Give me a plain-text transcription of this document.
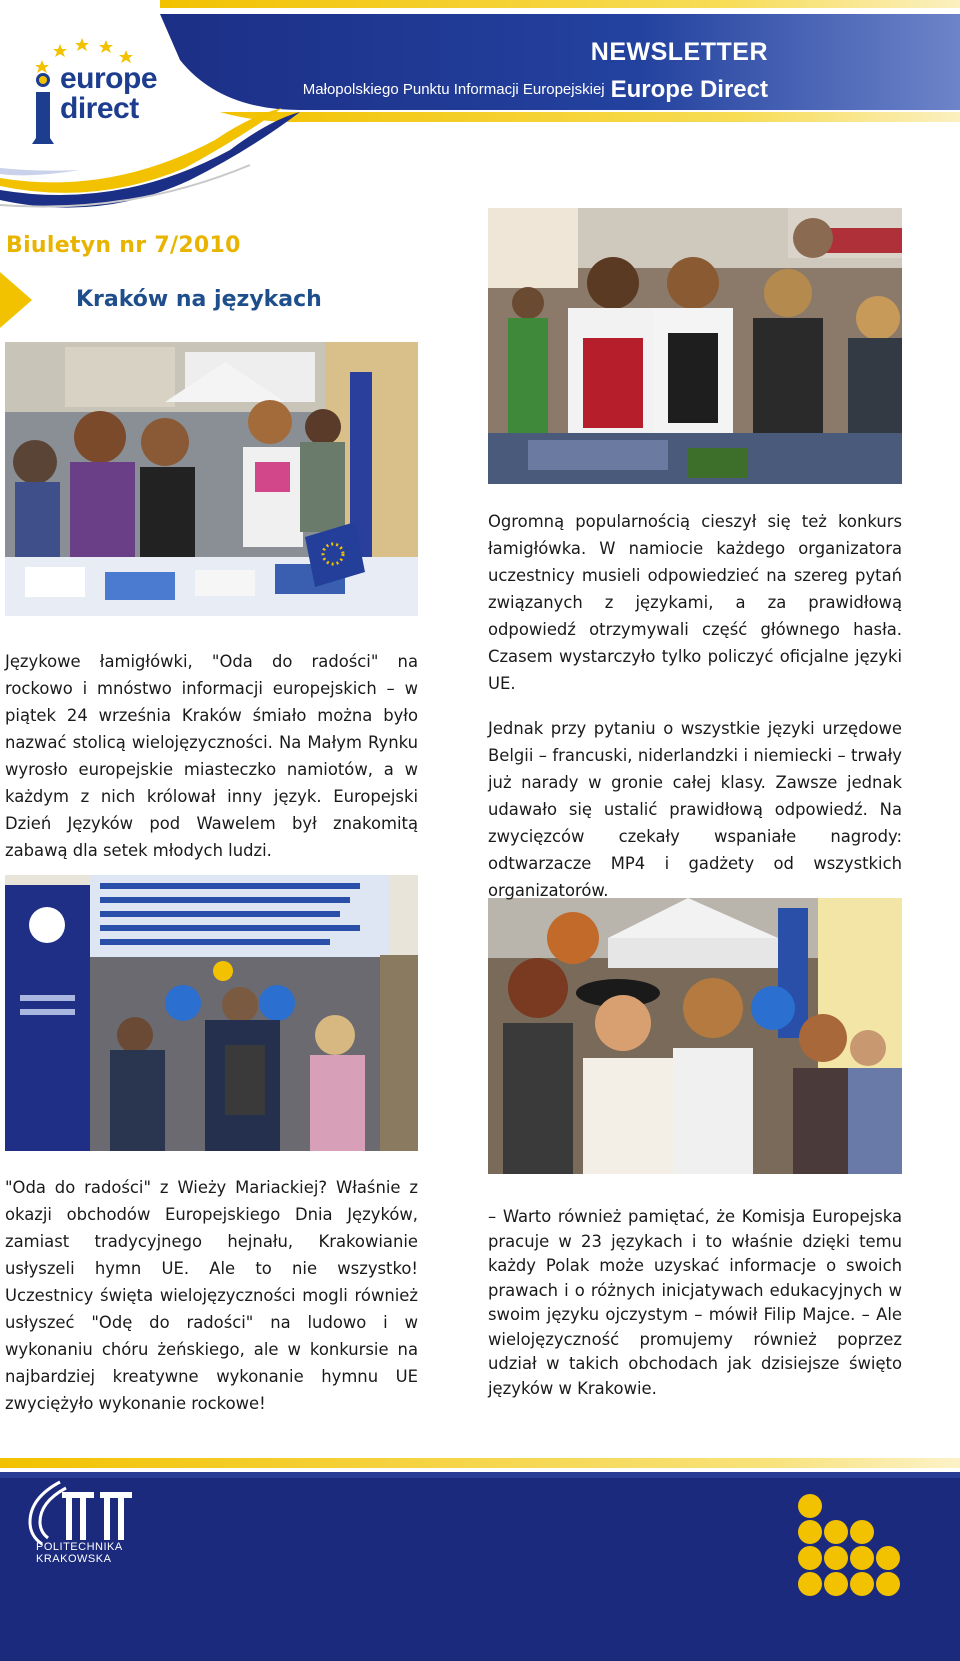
europe
direct
NEWSLETTER
Małopolskiego Punktu Informacji Europejskiej Europe Direct
Biuletyn nr 7/2010
Kraków na językach

Językowe łamigłówki, "Oda do radości" na rockowo i mnóstwo informacji europejskich – w piątek 24 września Kraków śmiało można było nazwać stolicą wielojęzyczności. Na Małym Rynku wyrosło europejskie miasteczko namiotów, a w każdym z nich królował inny język. Europejski Dzień Języków pod Wawelem był znakomitą zabawą dla setek młodych ludzi.

Ogromną popularnością cieszył się też konkurs łamigłówka. W namiocie każdego organizatora uczestnicy musieli odpowiedzieć na szereg pytań związanych z językami, a za prawidłową odpowiedź otrzymywali część głównego hasła. Czasem wystarczyło tylko policzyć oficjalne języki UE.

Jednak przy pytaniu o wszystkie języki urzędowe Belgii – francuski, niderlandzki i niemiecki – trwały już narady w gronie całej klasy. Zawsze jednak udawało się ustalić prawidłową odpowiedź. Na zwycięzców czekały wspaniałe nagrody: odtwarzacze MP4 i gadżety od wszystkich organizatorów.

"Oda do radości" z Wieży Mariackiej? Właśnie z okazji obchodów Europejskiego Dnia Języków, zamiast tradycyjnego hejnału, Krakowianie usłyszeli hymn UE. Ale to nie wszystko! Uczestnicy święta wielojęzyczności mogli również usłyszeć "Odę do radości" na ludowo i w wykonaniu chóru żeńskiego, ale w konkursie na najbardziej kreatywne wykonanie hymnu UE zwyciężyło wykonanie rockowe!

– Warto również pamiętać, że Komisja Europejska pracuje w 23 językach i to właśnie dzięki temu każdy Polak może uzyskać informacje o swoich prawach i o różnych inicjatywach edukacyjnych w swoim języku ojczystym – mówił Filip Majce. – Ale wielojęzyczność promujemy również poprzez udział w takich obchodach jak dzisiejsze święto języków w Krakowie.

POLITECHNIKA
KRAKOWSKA
